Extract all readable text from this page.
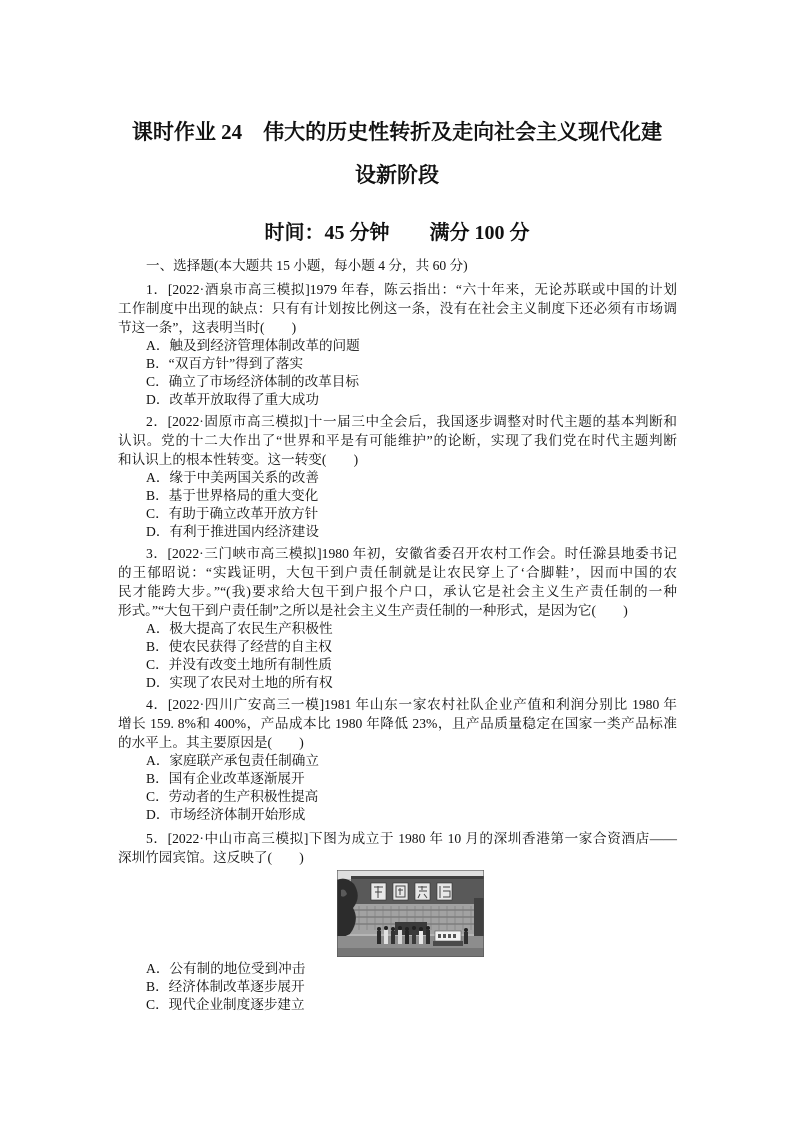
课时作业 24　伟大的历史性转折及走向社会主义现代化建
设新阶段
时间：45 分钟　　满分 100 分
一、选择题(本大题共 15 小题，每小题 4 分，共 60 分)
1．[2022·酒泉市高三模拟]1979 年春，陈云指出：“六十年来，无论苏联或中国的计划
工作制度中出现的缺点：只有有计划按比例这一条，没有在社会主义制度下还必须有市场调
节这一条”，这表明当时(　　)
A．触及到经济管理体制改革的问题
B．“双百方针”得到了落实
C．确立了市场经济体制的改革目标
D．改革开放取得了重大成功
2．[2022·固原市高三模拟]十一届三中全会后，我国逐步调整对时代主题的基本判断和
认识。党的十二大作出了“世界和平是有可能维护”的论断，实现了我们党在时代主题判断
和认识上的根本性转变。这一转变(　　)
A．缘于中美两国关系的改善
B．基于世界格局的重大变化
C．有助于确立改革开放方针
D．有利于推进国内经济建设
3．[2022·三门峡市高三模拟]1980 年初，安徽省委召开农村工作会。时任滁县地委书记
的王郁昭说：“实践证明，大包干到户责任制就是让农民穿上了‘合脚鞋’，因而中国的农
民才能跨大步。”“(我)要求给大包干到户报个户口，承认它是社会主义生产责任制的一种
形式。”“大包干到户责任制”之所以是社会主义生产责任制的一种形式，是因为它(　　)
A．极大提高了农民生产积极性
B．使农民获得了经营的自主权
C．并没有改变土地所有制性质
D．实现了农民对土地的所有权
4．[2022·四川广安高三一模]1981 年山东一家农村社队企业产值和利润分别比 1980 年
增长 159. 8%和 400%，产品成本比 1980 年降低 23%，且产品质量稳定在国家一类产品标准
的水平上。其主要原因是(　　)
A．家庭联产承包责任制确立
B．国有企业改革逐渐展开
C．劳动者的生产积极性提高
D．市场经济体制开始形成
5．[2022·中山市高三模拟]下图为成立于 1980 年 10 月的深圳香港第一家合资酒店——
深圳竹园宾馆。这反映了(　　)
A．公有制的地位受到冲击
B．经济体制改革逐步展开
C．现代企业制度逐步建立
